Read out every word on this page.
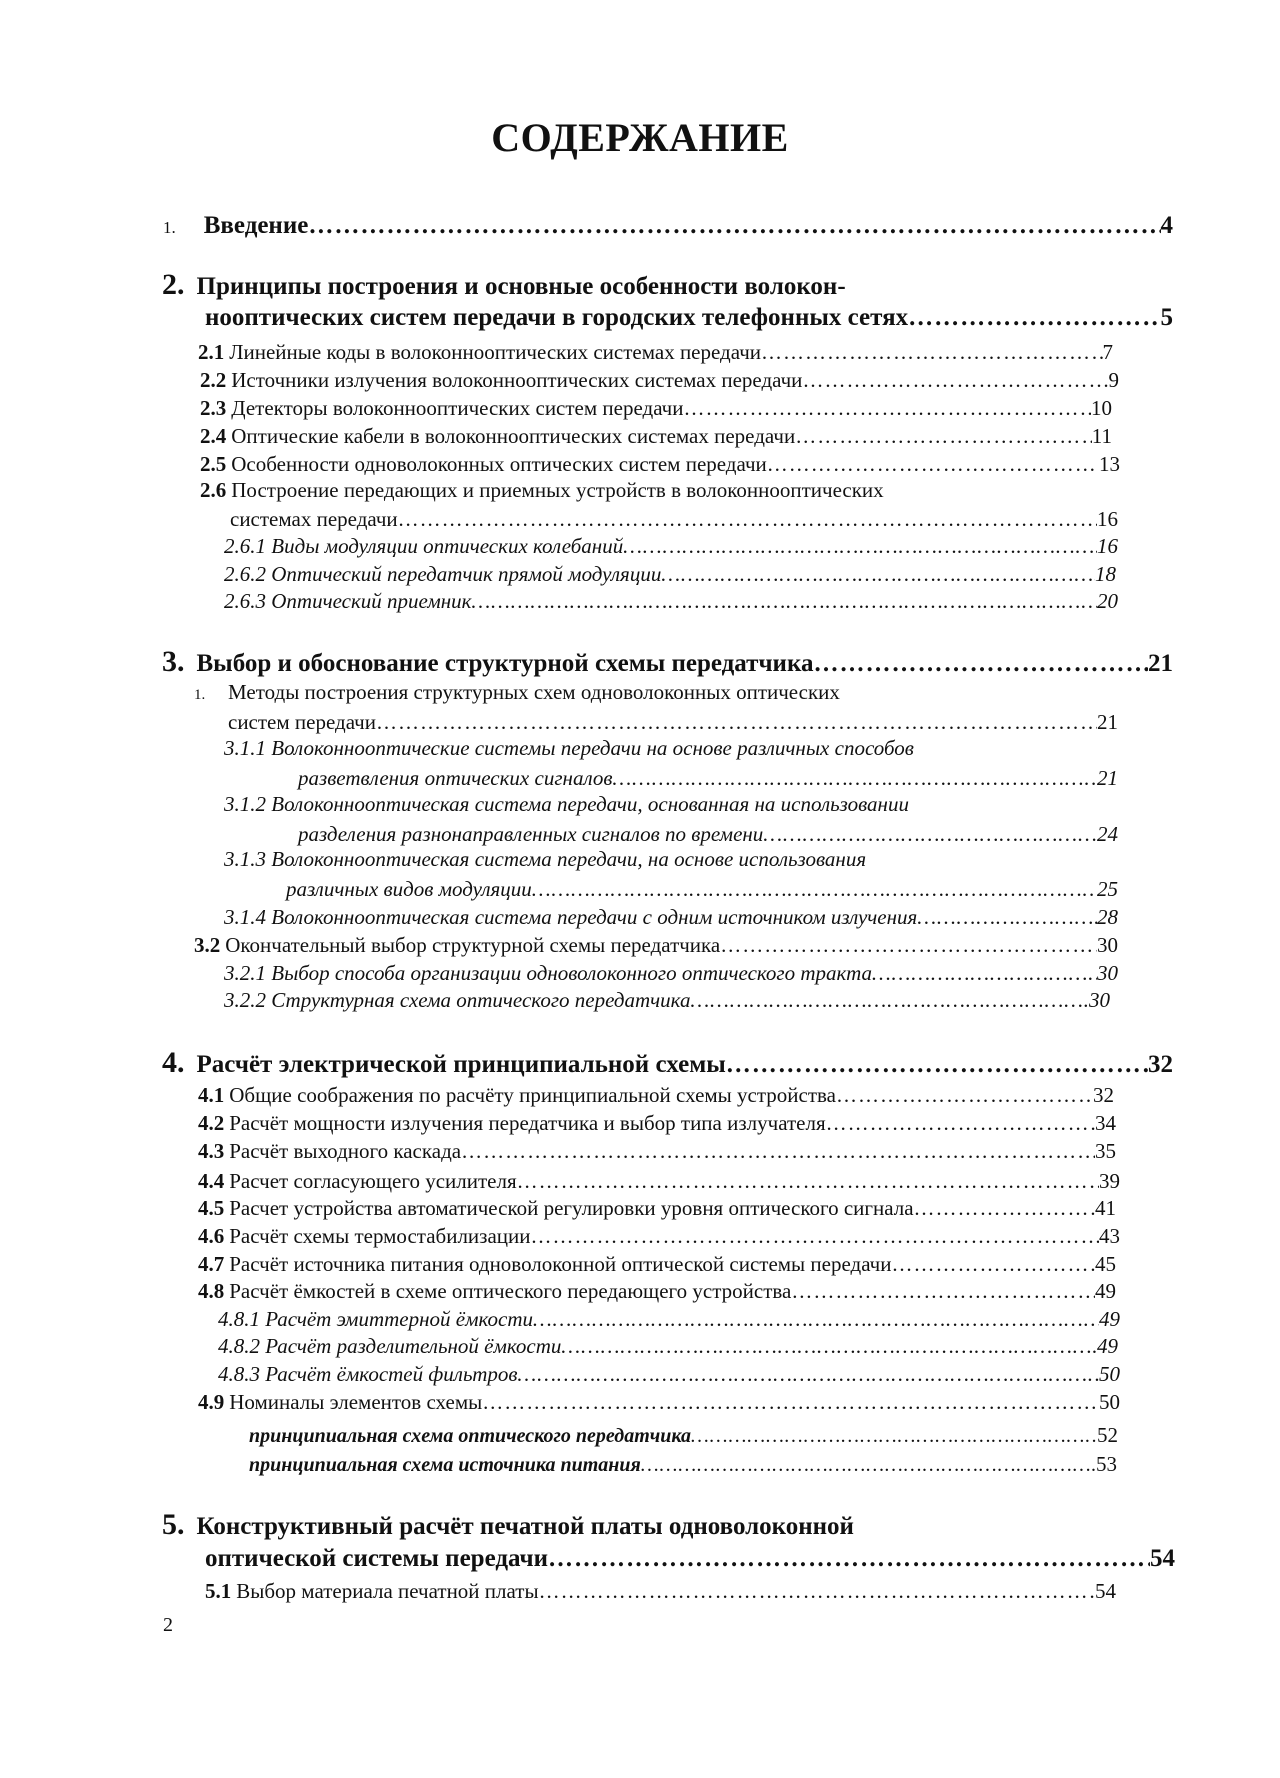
СОДЕРЖАНИЕ
1. Введение …………………………………………………………………………………………………………………………………………………………………………………………………	4
2. Принципы построения и основные особенности волокон-
нооптических систем передачи в городских телефонных сетях …………………………………………………………………………………………………………………………………………………………………………………………………	5
2.1 Линейные коды в волоконнооптических системах передачи …………………………………………………………………………………………………………………………………………………………………………………………………	7
2.2 Источники излучения волоконнооптических системах передачи …………………………………………………………………………………………………………………………………………………………………………………………………	9
2.3 Детекторы волоконнооптических систем передачи …………………………………………………………………………………………………………………………………………………………………………………………………	10
2.4 Оптические кабели в волоконнооптических системах передачи …………………………………………………………………………………………………………………………………………………………………………………………………	11
2.5 Особенности одноволоконных оптических систем передачи …………………………………………………………………………………………………………………………………………………………………………………………………	13
2.6 Построение передающих и приемных устройств в волоконнооптических
системах передачи …………………………………………………………………………………………………………………………………………………………………………………………………	16
2.6.1 Виды модуляции оптических колебаний …………………………………………………………………………………………………………………………………………………………………………………………………	16
2.6.2 Оптический передатчик прямой модуляции …………………………………………………………………………………………………………………………………………………………………………………………………	18
2.6.3 Оптический приемник …………………………………………………………………………………………………………………………………………………………………………………………………	20
3. Выбор и обоснование структурной схемы передатчика …………………………………………………………………………………………………………………………………………………………………………………………………	21
1. Методы построения структурных схем одноволоконных оптических
систем передачи …………………………………………………………………………………………………………………………………………………………………………………………………	21
3.1.1 Волоконнооптические системы передачи на основе различных способов
разветвления оптических сигналов …………………………………………………………………………………………………………………………………………………………………………………………………	21
3.1.2 Волоконнооптическая система передачи, основанная на использовании
разделения разнонаправленных сигналов по времени …………………………………………………………………………………………………………………………………………………………………………………………………	24
3.1.3 Волоконнооптическая система передачи, на основе использования
различных видов модуляции …………………………………………………………………………………………………………………………………………………………………………………………………	25
3.1.4 Волоконнооптическая система передачи с одним источником излучения …………………………………………………………………………………………………………………………………………………………………………………………………	28
3.2 Окончательный выбор структурной схемы передатчика …………………………………………………………………………………………………………………………………………………………………………………………………	30
3.2.1 Выбор способа организации одноволоконного оптического тракта …………………………………………………………………………………………………………………………………………………………………………………………………	30
3.2.2 Структурная схема оптического передатчика …………………………………………………………………………………………………………………………………………………………………………………………………	30
4. Расчёт электрической принципиальной схемы …………………………………………………………………………………………………………………………………………………………………………………………………	32
4.1 Общие соображения по расчёту принципиальной схемы устройства …………………………………………………………………………………………………………………………………………………………………………………………………	32
4.2 Расчёт мощности излучения передатчика и выбор типа излучателя …………………………………………………………………………………………………………………………………………………………………………………………………	34
4.3 Расчёт выходного каскада …………………………………………………………………………………………………………………………………………………………………………………………………	35
4.4 Расчет согласующего усилителя …………………………………………………………………………………………………………………………………………………………………………………………………	39
4.5 Расчет устройства автоматической регулировки уровня оптического сигнала …………………………………………………………………………………………………………………………………………………………………………………………………	41
4.6 Расчёт схемы термостабилизации …………………………………………………………………………………………………………………………………………………………………………………………………	43
4.7 Расчёт источника питания одноволоконной оптической системы передачи …………………………………………………………………………………………………………………………………………………………………………………………………	45
4.8 Расчёт ёмкостей в схеме оптического передающего устройства …………………………………………………………………………………………………………………………………………………………………………………………………	49
4.8.1 Расчёт эмиттерной ёмкости …………………………………………………………………………………………………………………………………………………………………………………………………	49
4.8.2 Расчёт разделительной ёмкости …………………………………………………………………………………………………………………………………………………………………………………………………	49
4.8.3 Расчёт ёмкостей фильтров …………………………………………………………………………………………………………………………………………………………………………………………………	50
4.9 Номиналы элементов схемы …………………………………………………………………………………………………………………………………………………………………………………………………	50
принципиальная схема оптического передатчика …………………………………………………………………………………………………………………………………………………………………………………………………	52
принципиальная схема источника питания …………………………………………………………………………………………………………………………………………………………………………………………………	53
5. Конструктивный расчёт печатной платы одноволоконной
оптической системы передачи …………………………………………………………………………………………………………………………………………………………………………………………………	54
5.1 Выбор материала печатной платы …………………………………………………………………………………………………………………………………………………………………………………………………	54
2
